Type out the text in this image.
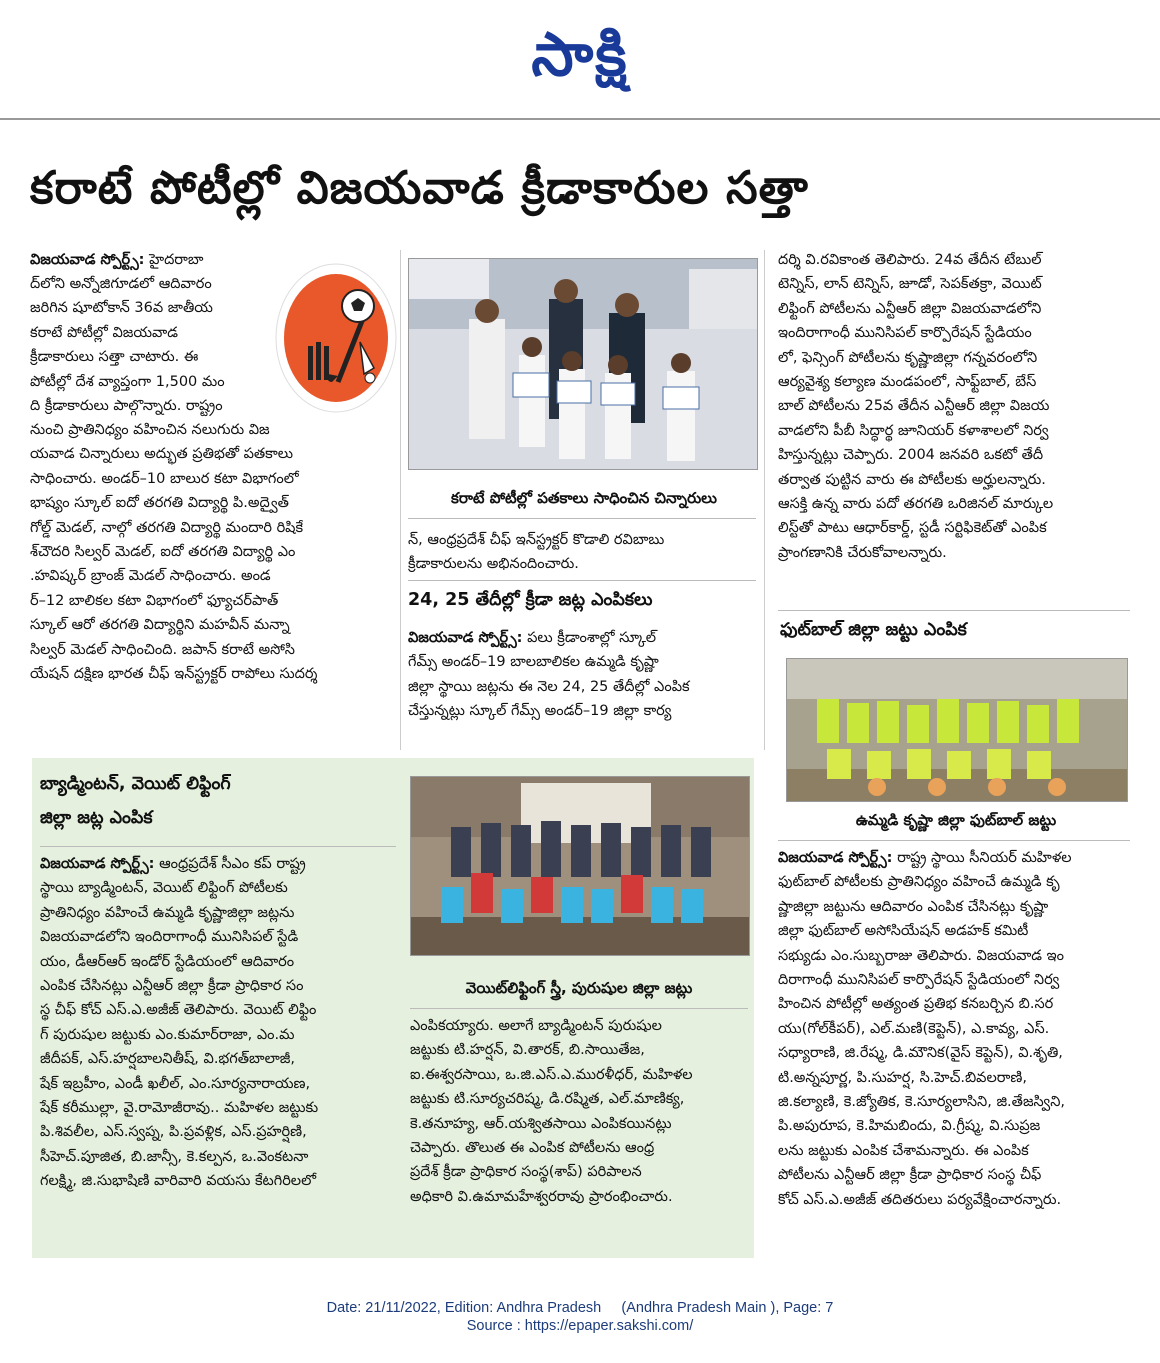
సాక్షి
కరాటే పోటీల్లో విజయవాడ క్రీడాకారుల సత్తా
విజయవాడ స్పోర్ట్స్: హైదరాబా
ద్‌లోని అన్నోజిగూడలో ఆదివారం
జరిగిన షూటోకాన్ 36వ జాతీయ
కరాటే పోటీల్లో విజయవాడ
క్రీడాకారులు సత్తా చాటారు. ఈ
పోటీల్లో దేశ వ్యాప్తంగా 1,500 మం
ది క్రీడాకారులు పాల్గొన్నారు. రాష్ట్రం
నుంచి ప్రాతినిధ్యం వహించిన నలుగురు విజ
యవాడ చిన్నారులు అద్భుత ప్రతిభతో పతకాలు
సాధించారు. అండర్–10 బాలుర కటా విభాగంలో
భాష్యం స్కూల్ ఐదో తరగతి విద్యార్థి పి.అద్వైత్
గోల్డ్ మెడల్, నాల్గో తరగతి విద్యార్థి మందారి రిషికే
శ్‌చౌదరి సిల్వర్ మెడల్, ఐదో తరగతి విద్యార్థి ఎం
.హవిష్కర్ బ్రాంజ్ మెడల్ సాధించారు. అండ
ర్–12 బాలికల కటా విభాగంలో ఫ్యూచర్‌పాత్
స్కూల్ ఆరో తరగతి విద్యార్థిని మహవీన్ మన్నా
సిల్వర్ మెడల్ సాధించింది. జపాన్ కరాటే అసోసి
యేషన్ దక్షిణ భారత చీఫ్ ఇన్‌స్ట్రక్టర్ రాపోలు సుదర్శ
కరాటే పోటీల్లో పతకాలు సాధించిన చిన్నారులు
న్, ఆంధ్రప్రదేశ్ చీఫ్ ఇన్‌స్ట్రక్టర్ కొడాలి రవిబాబు
క్రీడాకారులను అభినందించారు.
24, 25 తేదీల్లో క్రీడా జట్ల ఎంపికలు
విజయవాడ స్పోర్ట్స్: పలు క్రీడాంశాల్లో స్కూల్
గేమ్స్ అండర్–19 బాలబాలికల ఉమ్మడి కృష్ణా
జిల్లా స్థాయి జట్లను ఈ నెల 24, 25 తేదీల్లో ఎంపిక
చేస్తున్నట్లు స్కూల్ గేమ్స్ అండర్–19 జిల్లా కార్య
దర్శి వి.రవికాంత తెలిపారు. 24వ తేదీన టేబుల్
టెన్నిస్, లాన్ టెన్నిస్, జూడో, సెపక్‌తక్రా, వెయిట్
లిఫ్టింగ్ పోటీలను ఎన్టీఆర్ జిల్లా విజయవాడలోని
ఇందిరాగాంధీ మునిసిపల్ కార్పొరేషన్ స్టేడియం
లో, ఫెన్సింగ్ పోటీలను కృష్ణాజిల్లా గన్నవరంలోని
ఆర్యవైశ్య కల్యాణ మండపంలో, సాఫ్ట్‌బాల్, బేస్
బాల్ పోటీలను 25వ తేదీన ఎన్టీఆర్ జిల్లా విజయ
వాడలోని పీబీ సిద్ధార్థ జూనియర్ కళాశాలలో నిర్వ
హిస్తున్నట్లు చెప్పారు. 2004 జనవరి ఒకటో తేదీ
తర్వాత పుట్టిన వారు ఈ పోటీలకు అర్హులన్నారు.
ఆసక్తి ఉన్న వారు పదో తరగతి ఒరిజినల్ మార్కుల
లిస్ట్‌తో పాటు ఆధార్‌కార్డ్, స్టడీ సర్టిఫికెట్‌తో ఎంపిక
ప్రాంగణానికి చేరుకోవాలన్నారు.
ఫుట్‌బాల్ జిల్లా జట్టు ఎంపిక
ఉమ్మడి కృష్ణా జిల్లా ఫుట్‌బాల్ జట్టు
విజయవాడ స్పోర్ట్స్: రాష్ట్ర స్థాయి సీనియర్ మహిళల
ఫుట్‌బాల్ పోటీలకు ప్రాతినిధ్యం వహించే ఉమ్మడి కృ
ష్ణాజిల్లా జట్టును ఆదివారం ఎంపిక చేసినట్లు కృష్ణా
జిల్లా ఫుట్‌బాల్ అసోసియేషన్ అడహక్ కమిటీ
సభ్యుడు ఎం.సుబ్బరాజు తెలిపారు. విజయవాడ ఇం
దిరాగాంధీ మునిసిపల్ కార్పొరేషన్ స్టేడియంలో నిర్వ
హించిన పోటీల్లో అత్యంత ప్రతిభ కనబర్చిన బి.సర
యు(గోల్‌కీపర్), ఎల్.మణి(కెప్టెన్), ఎ.కావ్య, ఎస్.
సధ్యారాణి, జి.రేష్మ, డి.మౌనిక(వైస్ కెప్టెన్), వి.శృతి,
టి.అన్నపూర్ణ, పి.సుహర్ష, సి.హెచ్.బివలరాణి,
జి.కల్యాణి, కె.జ్యోతిక, కె.సూర్యలాసిని, జి.తేజస్విని,
పి.అపురూప, కె.హిమబిందు, వి.గ్రీష్మ, వి.సుప్రజ
లను జట్టుకు ఎంపిక చేశామన్నారు. ఈ ఎంపిక
పోటీలను ఎన్టీఆర్ జిల్లా క్రీడా ప్రాధికార సంస్థ చీఫ్
కోచ్ ఎస్.ఎ.అజీజ్ తదితరులు పర్యవేక్షించారన్నారు.
బ్యాడ్మింటన్, వెయిట్ లిఫ్టింగ్
జిల్లా జట్ల ఎంపిక
విజయవాడ స్పోర్ట్స్: ఆంధ్రప్రదేశ్ సీఎం కప్ రాష్ట్ర
స్థాయి బ్యాడ్మింటన్, వెయిట్ లిఫ్టింగ్ పోటీలకు
ప్రాతినిధ్యం వహించే ఉమ్మడి కృష్ణాజిల్లా జట్లను
విజయవాడలోని ఇందిరాగాంధీ మునిసిపల్ స్టేడి
యం, డీఆర్ఆర్ ఇండోర్ స్టేడియంలో ఆదివారం
ఎంపిక చేసినట్లు ఎన్టీఆర్ జిల్లా క్రీడా ప్రాధికార సం
స్థ చీఫ్ కోచ్ ఎస్.ఎ.అజీజ్ తెలిపారు. వెయిట్ లిఫ్టిం
గ్ పురుషుల జట్టుకు ఎం.కుమార్‌రాజా, ఎం.మ
జీదీపక్, ఎస్.హర్షబాలనితీష్, వి.భగత్‌బాలాజీ,
షేక్ ఇబ్రహీం, ఎండీ ఖలీల్, ఎం.సూర్యనారాయణ,
షేక్ కరీముల్లా, వై.రామోజీరావు.. మహిళల జట్టుకు
పి.శివలీల, ఎస్.స్వప్న, పి.ప్రవళ్లిక, ఎస్.ప్రహర్షిణి,
సీహెచ్.పూజిత, బి.జాన్సీ, కె.కల్పన, ఒ.వెంకటనా
గలక్ష్మి, జి.సుభాషిణి వారివారి వయసు కేటగిరిలలో
వెయిట్‌లిఫ్టింగ్ స్త్రీ, పురుషుల జిల్లా జట్లు
ఎంపికయ్యారు. అలాగే బ్యాడ్మింటన్ పురుషుల
జట్టుకు టి.హర్షన్, వి.తారక్, బి.సాయితేజ,
ఐ.ఈశ్వరసాయి, ఒ.జి.ఎస్.ఎ.మురళీధర్, మహిళల
జట్టుకు టి.సూర్యచరిష్మ, డి.రష్మిత, ఎల్.మాణిక్య,
కె.తనూహ్య, ఆర్.యశ్వితసాయి ఎంపికయినట్లు
చెప్పారు. తొలుత ఈ ఎంపిక పోటీలను ఆంధ్ర
ప్రదేశ్ క్రీడా ప్రాధికార సంస్థ(శాప్) పరిపాలన
అధికారి వి.ఉమామహేశ్వరరావు ప్రారంభించారు.
Date: 21/11/2022, Edition: Andhra Pradesh     (Andhra Pradesh Main ), Page: 7
Source : https://epaper.sakshi.com/
